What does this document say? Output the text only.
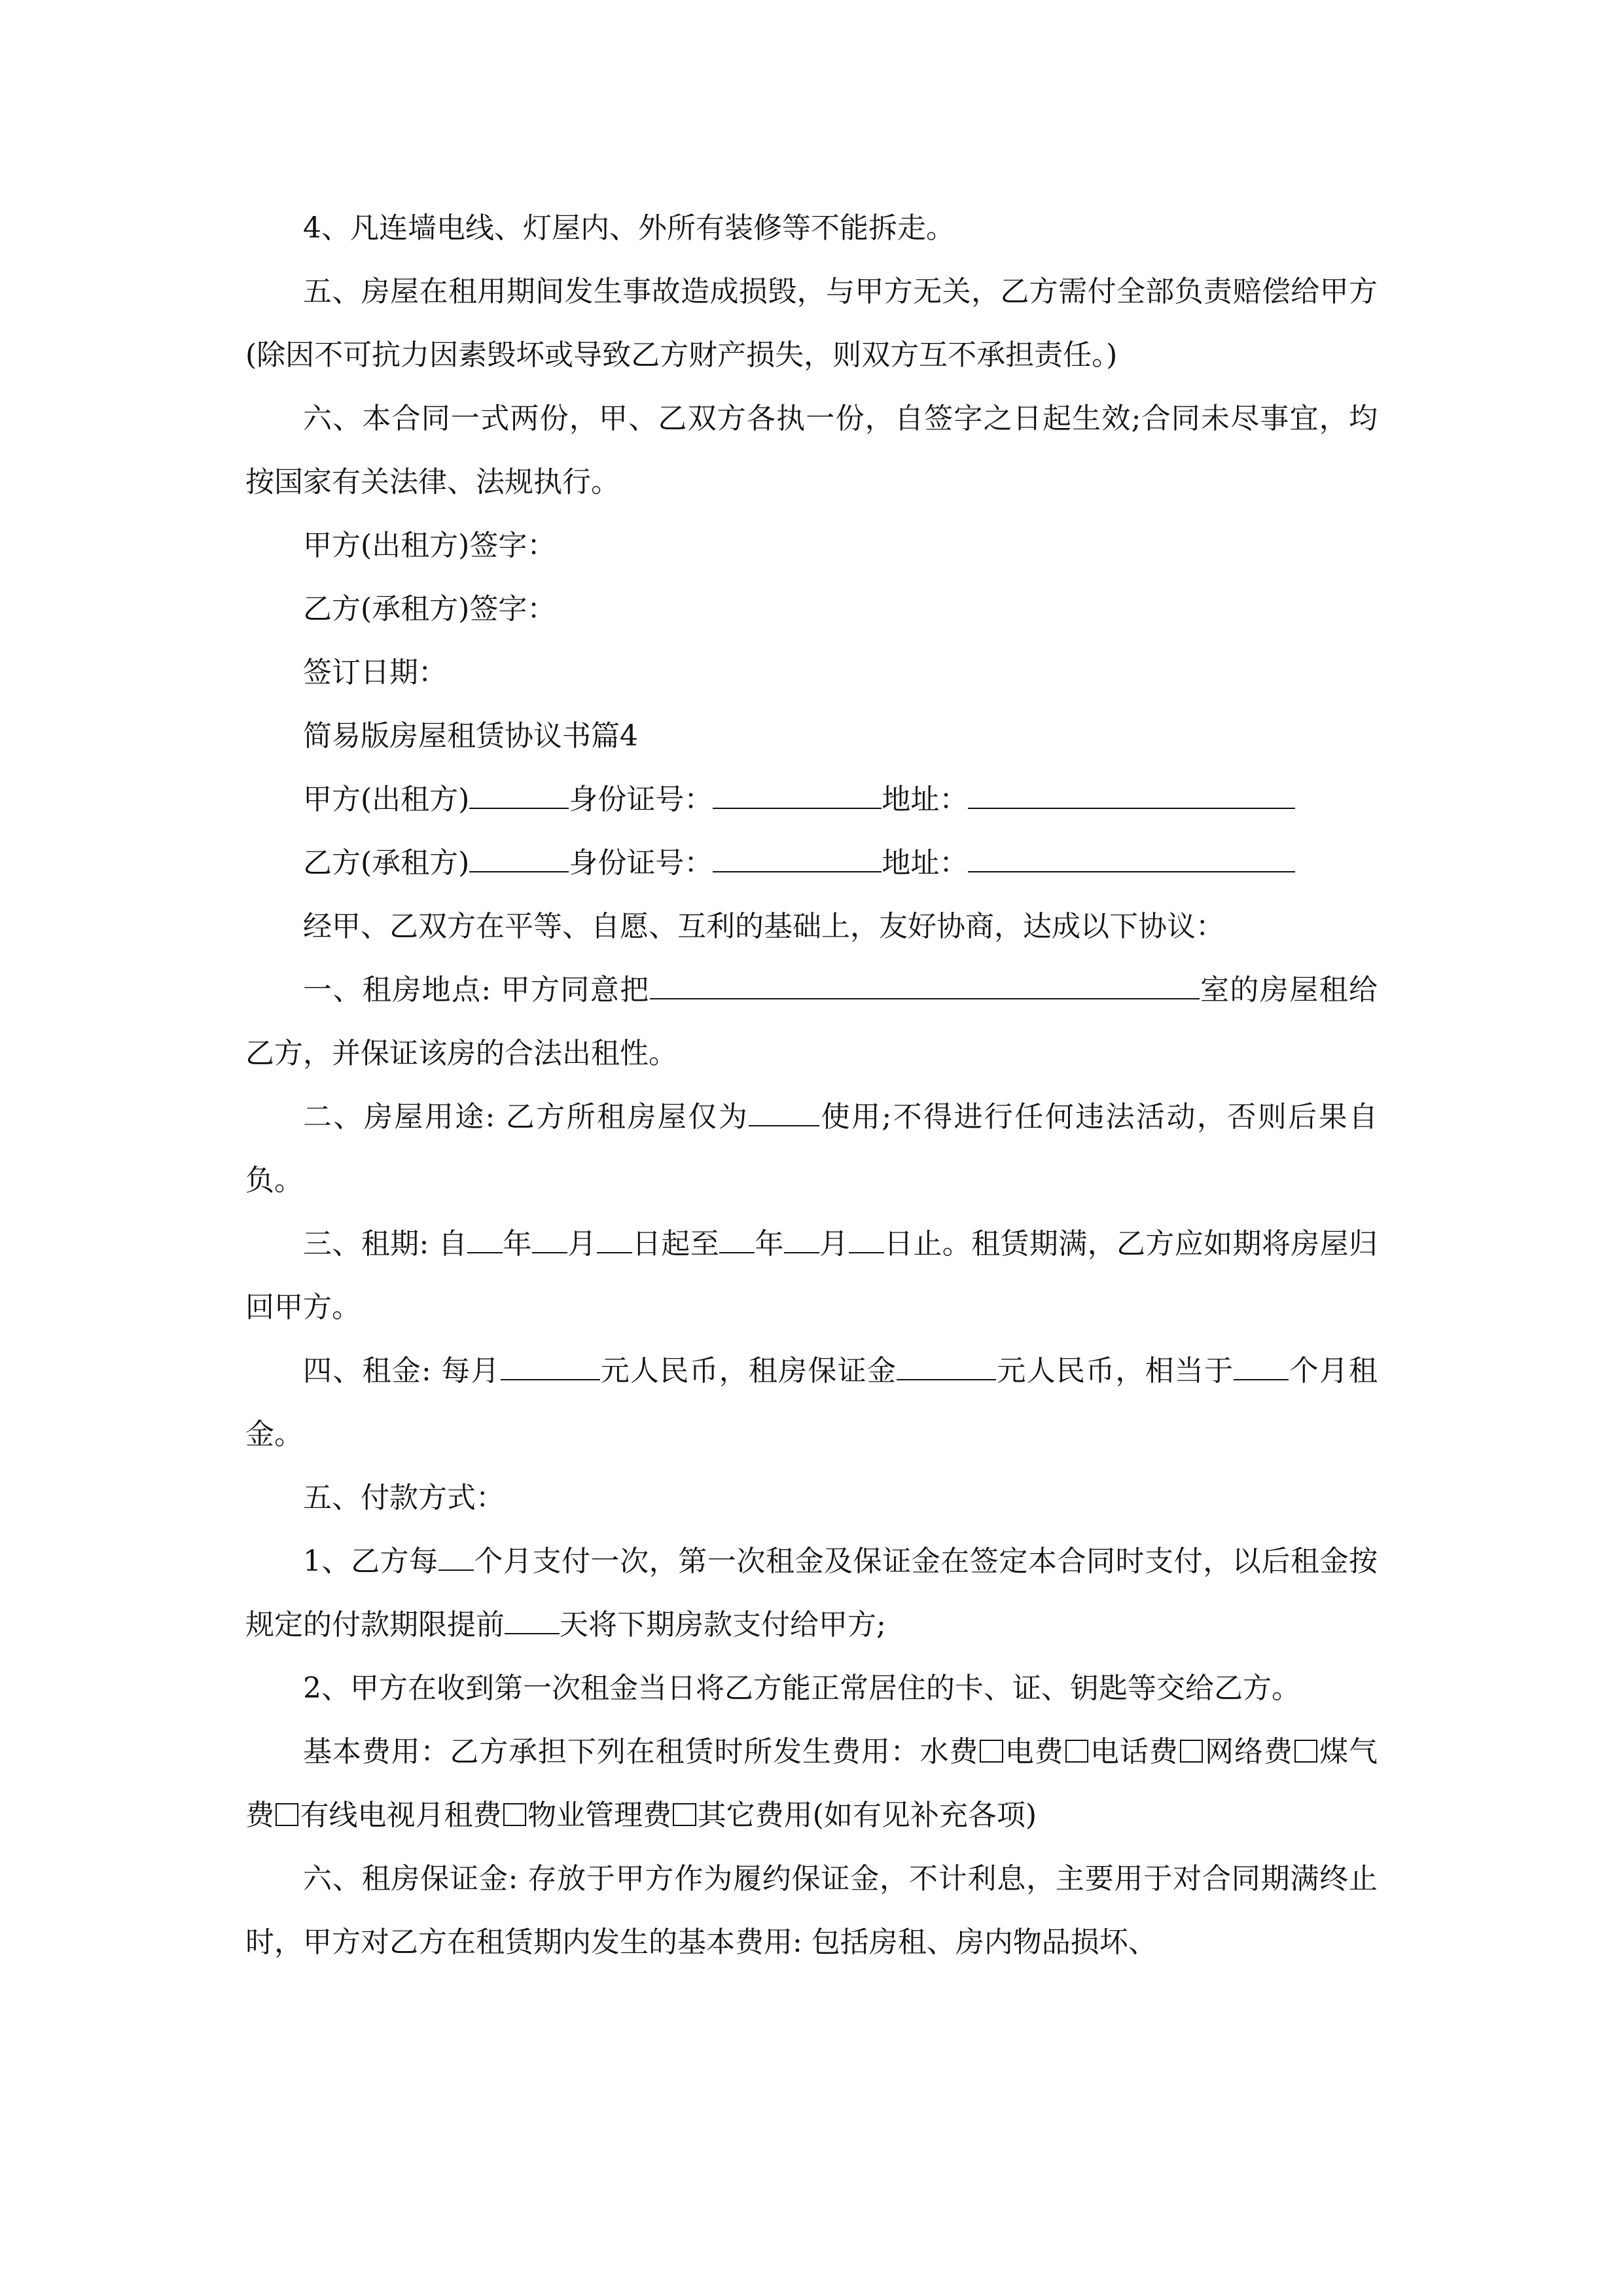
4、凡连墙电线、灯屋内、外所有装修等不能拆走。

五、房屋在租用期间发生事故造成损毁，与甲方无关，乙方需付全部负责赔偿给甲方(除因不可抗力因素毁坏或导致乙方财产损失，则双方互不承担责任。)

六、本合同一式两份，甲、乙双方各执一份，自签字之日起生效;合同未尽事宜，均按国家有关法律、法规执行。

甲方(出租方)签字：

乙方(承租方)签字：

签订日期：

简易版房屋租赁协议书篇4

甲方(出租方)	身份证号：	地址：

乙方(承租方)	身份证号：	地址：

经甲、乙双方在平等、自愿、互利的基础上，友好协商，达成以下协议：

一、租房地点: 甲方同意把	室的房屋租给乙方，并保证该房的合法出租性。

二、房屋用途: 乙方所租房屋仅为 使用;不得进行任何违法活动，否则后果自负。

三、租期: 自 年 月 日起至 年 月 日止。租赁期满，乙方应如期将房屋归回甲方。

四、租金: 每月	元人民币，租房保证金	元人民币，相当于 个月租金。

五、付款方式：

1、乙方每 个月支付一次，第一次租金及保证金在签定本合同时支付，以后租金按规定的付款期限提前 天将下期房款支付给甲方;

2、甲方在收到第一次租金当日将乙方能正常居住的卡、证、钥匙等交给乙方。

基本费用：乙方承担下列在租赁时所发生费用：水费 电费 电话费 网络费 煤气费 有线电视月租费 物业管理费 其它费用(如有见补充各项)

六、租房保证金: 存放于甲方作为履约保证金，不计利息，主要用于对合同期满终止时，甲方对乙方在租赁期内发生的基本费用: 包括房租、房内物品损坏、
